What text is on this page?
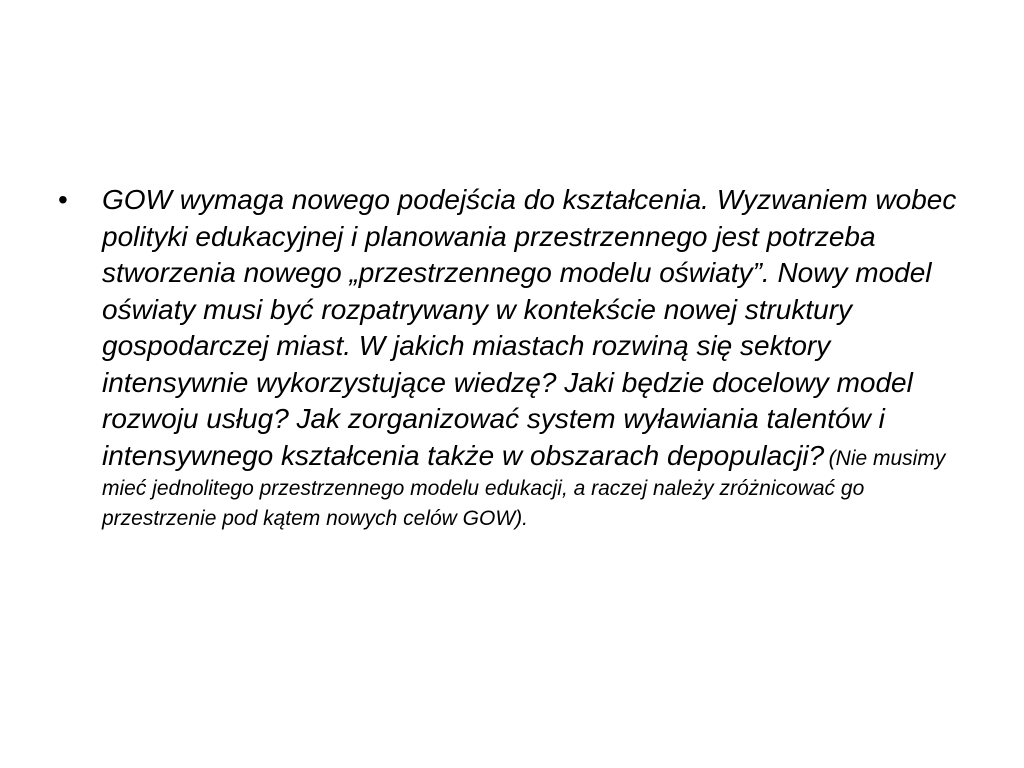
• GOW wymaga nowego podejścia do kształcenia. Wyzwaniem wobec polityki edukacyjnej i planowania przestrzennego jest potrzeba stworzenia nowego „przestrzennego modelu oświaty”. Nowy model oświaty musi być rozpatrywany w kontekście nowej struktury gospodarczej miast. W jakich miastach rozwiną się sektory intensywnie wykorzystujące wiedzę? Jaki będzie docelowy model rozwoju usług? Jak zorganizować system wyławiania talentów i intensywnego kształcenia także w obszarach depopulacji? (Nie musimy mieć jednolitego przestrzennego modelu edukacji, a raczej należy zróżnicować go przestrzenie pod kątem nowych celów GOW).
